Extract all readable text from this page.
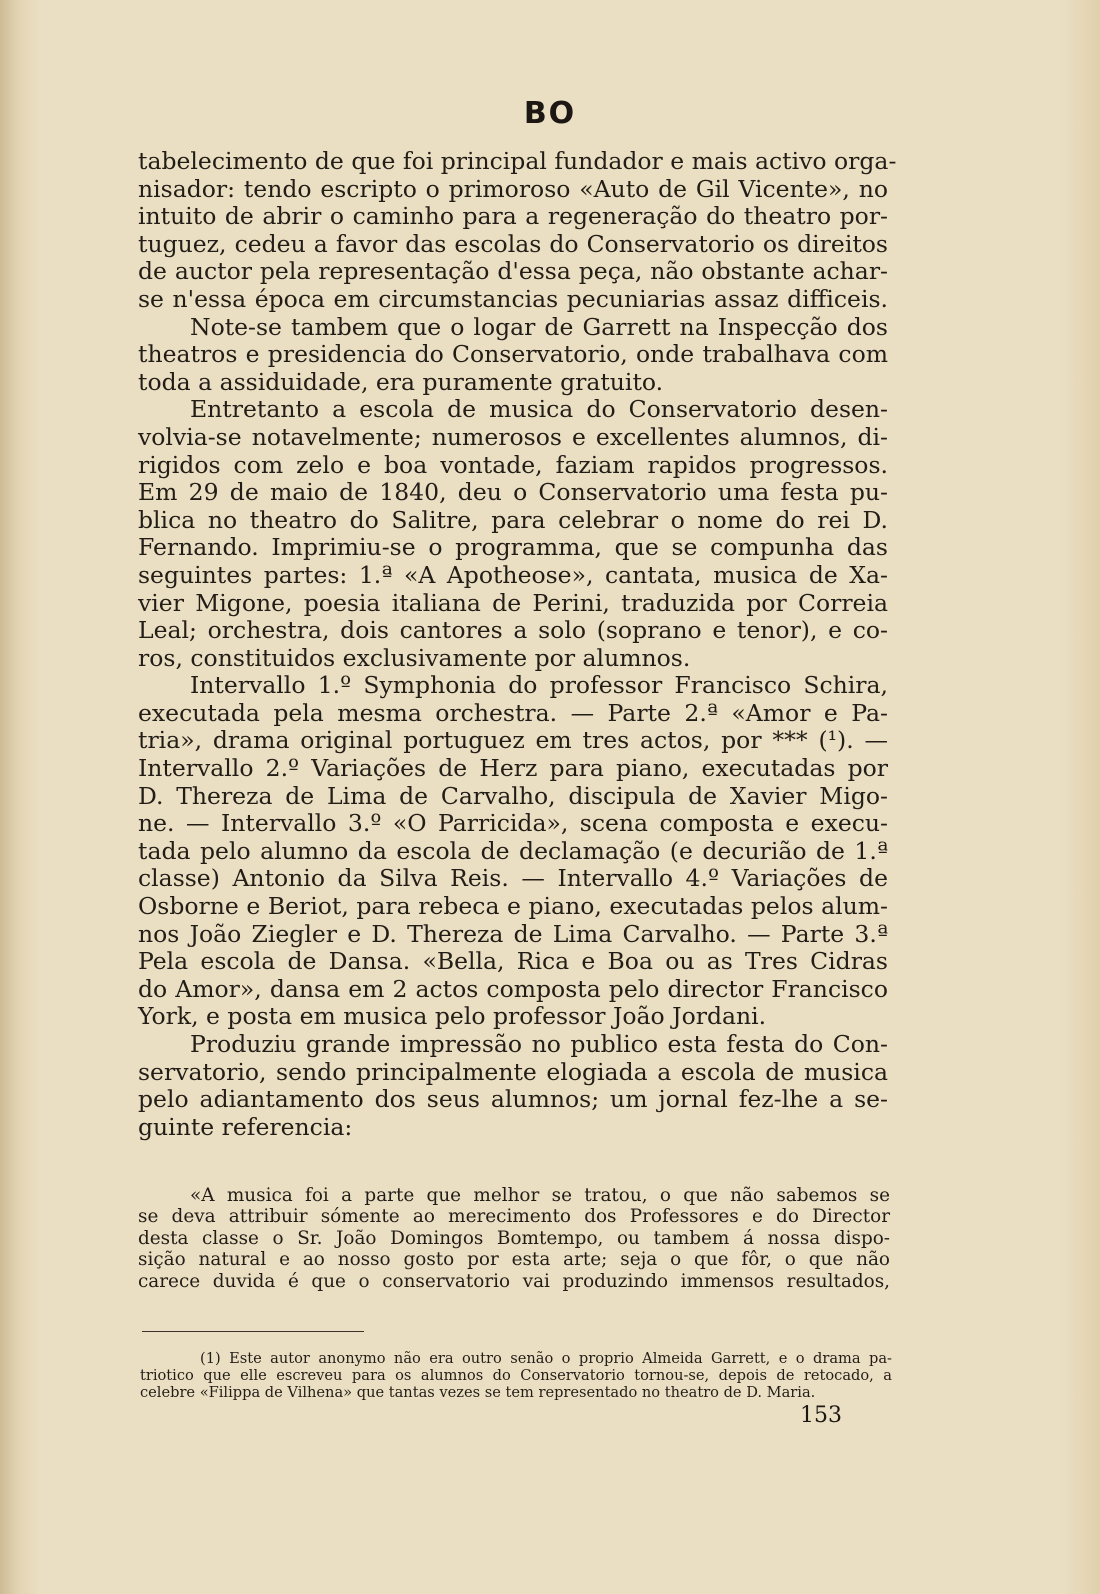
BO
tabelecimento de que foi principal fundador e mais activo orga-
nisador: tendo escripto o primoroso «Auto de Gil Vicente», no
intuito de abrir o caminho para a regeneração do theatro por-
tuguez, cedeu a favor das escolas do Conservatorio os direitos
de auctor pela representação d'essa peça, não obstante achar-
se n'essa época em circumstancias pecuniarias assaz difficeis.
Note-se tambem que o logar de Garrett na Inspecção dos
theatros e presidencia do Conservatorio, onde trabalhava com
toda a assiduidade, era puramente gratuito.
Entretanto a escola de musica do Conservatorio desen-
volvia-se notavelmente; numerosos e excellentes alumnos, di-
rigidos com zelo e boa vontade, faziam rapidos progressos.
Em 29 de maio de 1840, deu o Conservatorio uma festa pu-
blica no theatro do Salitre, para celebrar o nome do rei D.
Fernando. Imprimiu-se o programma, que se compunha das
seguintes partes: 1.ª «A Apotheose», cantata, musica de Xa-
vier Migone, poesia italiana de Perini, traduzida por Correia
Leal; orchestra, dois cantores a solo (soprano e tenor), e co-
ros, constituidos exclusivamente por alumnos.
Intervallo 1.º Symphonia do professor Francisco Schira,
executada pela mesma orchestra. — Parte 2.ª «Amor e Pa-
tria», drama original portuguez em tres actos, por *** (¹). —
Intervallo 2.º Variações de Herz para piano, executadas por
D. Thereza de Lima de Carvalho, discipula de Xavier Migo-
ne. — Intervallo 3.º «O Parricida», scena composta e execu-
tada pelo alumno da escola de declamação (e decurião de 1.ª
classe) Antonio da Silva Reis. — Intervallo 4.º Variações de
Osborne e Beriot, para rebeca e piano, executadas pelos alum-
nos João Ziegler e D. Thereza de Lima Carvalho. — Parte 3.ª
Pela escola de Dansa. «Bella, Rica e Boa ou as Tres Cidras
do Amor», dansa em 2 actos composta pelo director Francisco
York, e posta em musica pelo professor João Jordani.
Produziu grande impressão no publico esta festa do Con-
servatorio, sendo principalmente elogiada a escola de musica
pelo adiantamento dos seus alumnos; um jornal fez-lhe a se-
guinte referencia:
«A musica foi a parte que melhor se tratou, o que não sabemos se
se deva attribuir sómente ao merecimento dos Professores e do Director
desta classe o Sr. João Domingos Bomtempo, ou tambem á nossa dispo-
sição natural e ao nosso gosto por esta arte; seja o que fôr, o que não
carece duvida é que o conservatorio vai produzindo immensos resultados,
(1) Este autor anonymo não era outro senão o proprio Almeida Garrett, e o drama pa-
triotico que elle escreveu para os alumnos do Conservatorio tornou-se, depois de retocado, a
celebre «Filippa de Vilhena» que tantas vezes se tem representado no theatro de D. Maria.
153
